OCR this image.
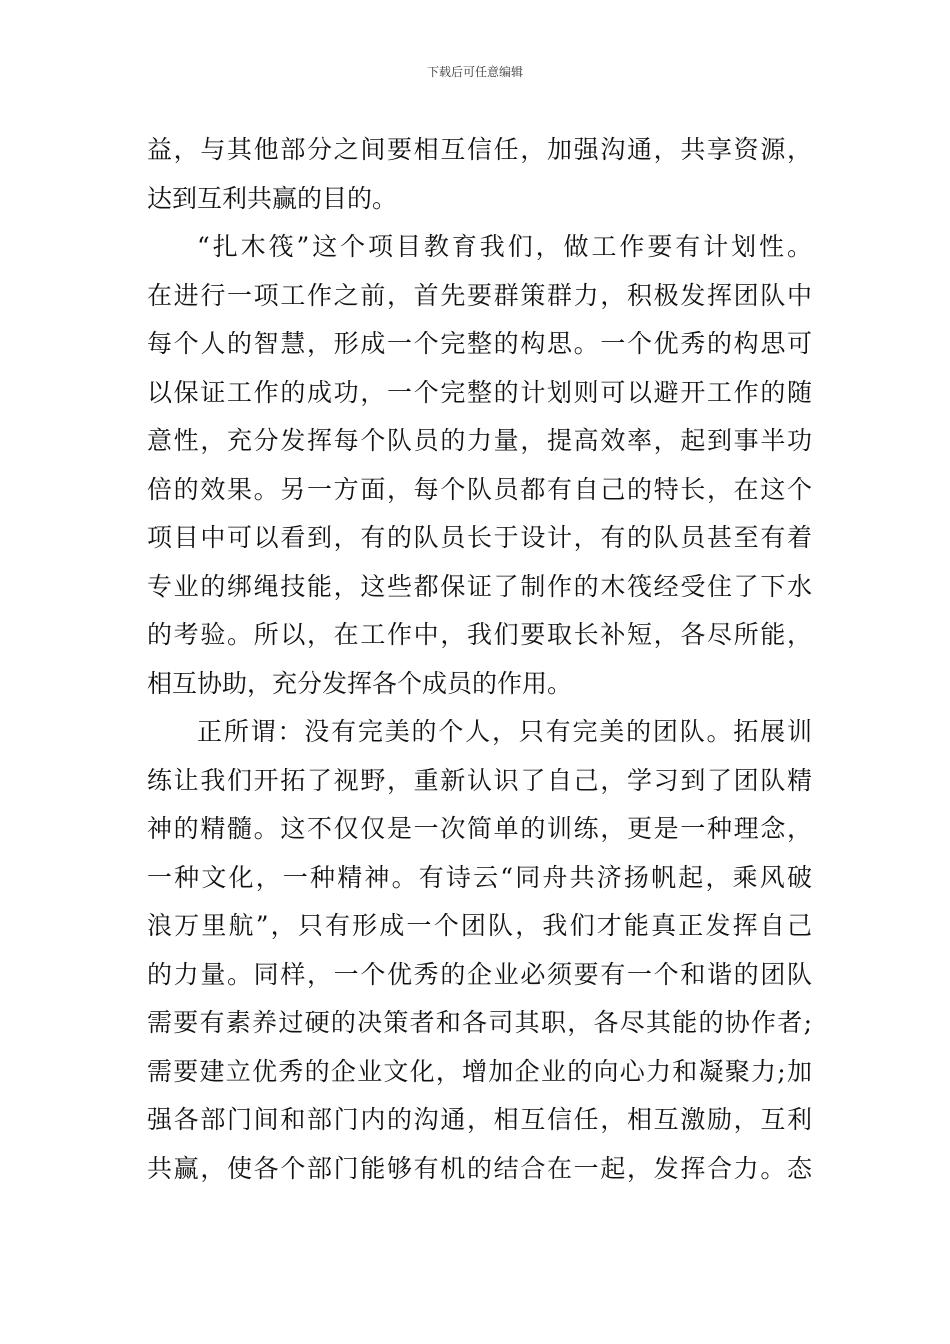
下载后可任意编辑
益，与其他部分之间要相互信任，加强沟通，共享资源，
达到互利共赢的目的。
“扎木筏”这个项目教育我们，做工作要有计划性。
在进行一项工作之前，首先要群策群力，积极发挥团队中
每个人的智慧，形成一个完整的构思。一个优秀的构思可
以保证工作的成功，一个完整的计划则可以避开工作的随
意性，充分发挥每个队员的力量，提高效率，起到事半功
倍的效果。另一方面，每个队员都有自己的特长，在这个
项目中可以看到，有的队员长于设计，有的队员甚至有着
专业的绑绳技能，这些都保证了制作的木筏经受住了下水
的考验。所以，在工作中，我们要取长补短，各尽所能，
相互协助，充分发挥各个成员的作用。
正所谓：没有完美的个人，只有完美的团队。拓展训
练让我们开拓了视野，重新认识了自己，学习到了团队精
神的精髓。这不仅仅是一次简单的训练，更是一种理念，
一种文化，一种精神。有诗云“同舟共济扬帆起，乘风破
浪万里航”，只有形成一个团队，我们才能真正发挥自己
的力量。同样，一个优秀的企业必须要有一个和谐的团队
需要有素养过硬的决策者和各司其职，各尽其能的协作者;
需要建立优秀的企业文化，增加企业的向心力和凝聚力;加
强各部门间和部门内的沟通，相互信任，相互激励，互利
共赢，使各个部门能够有机的结合在一起，发挥合力。态
